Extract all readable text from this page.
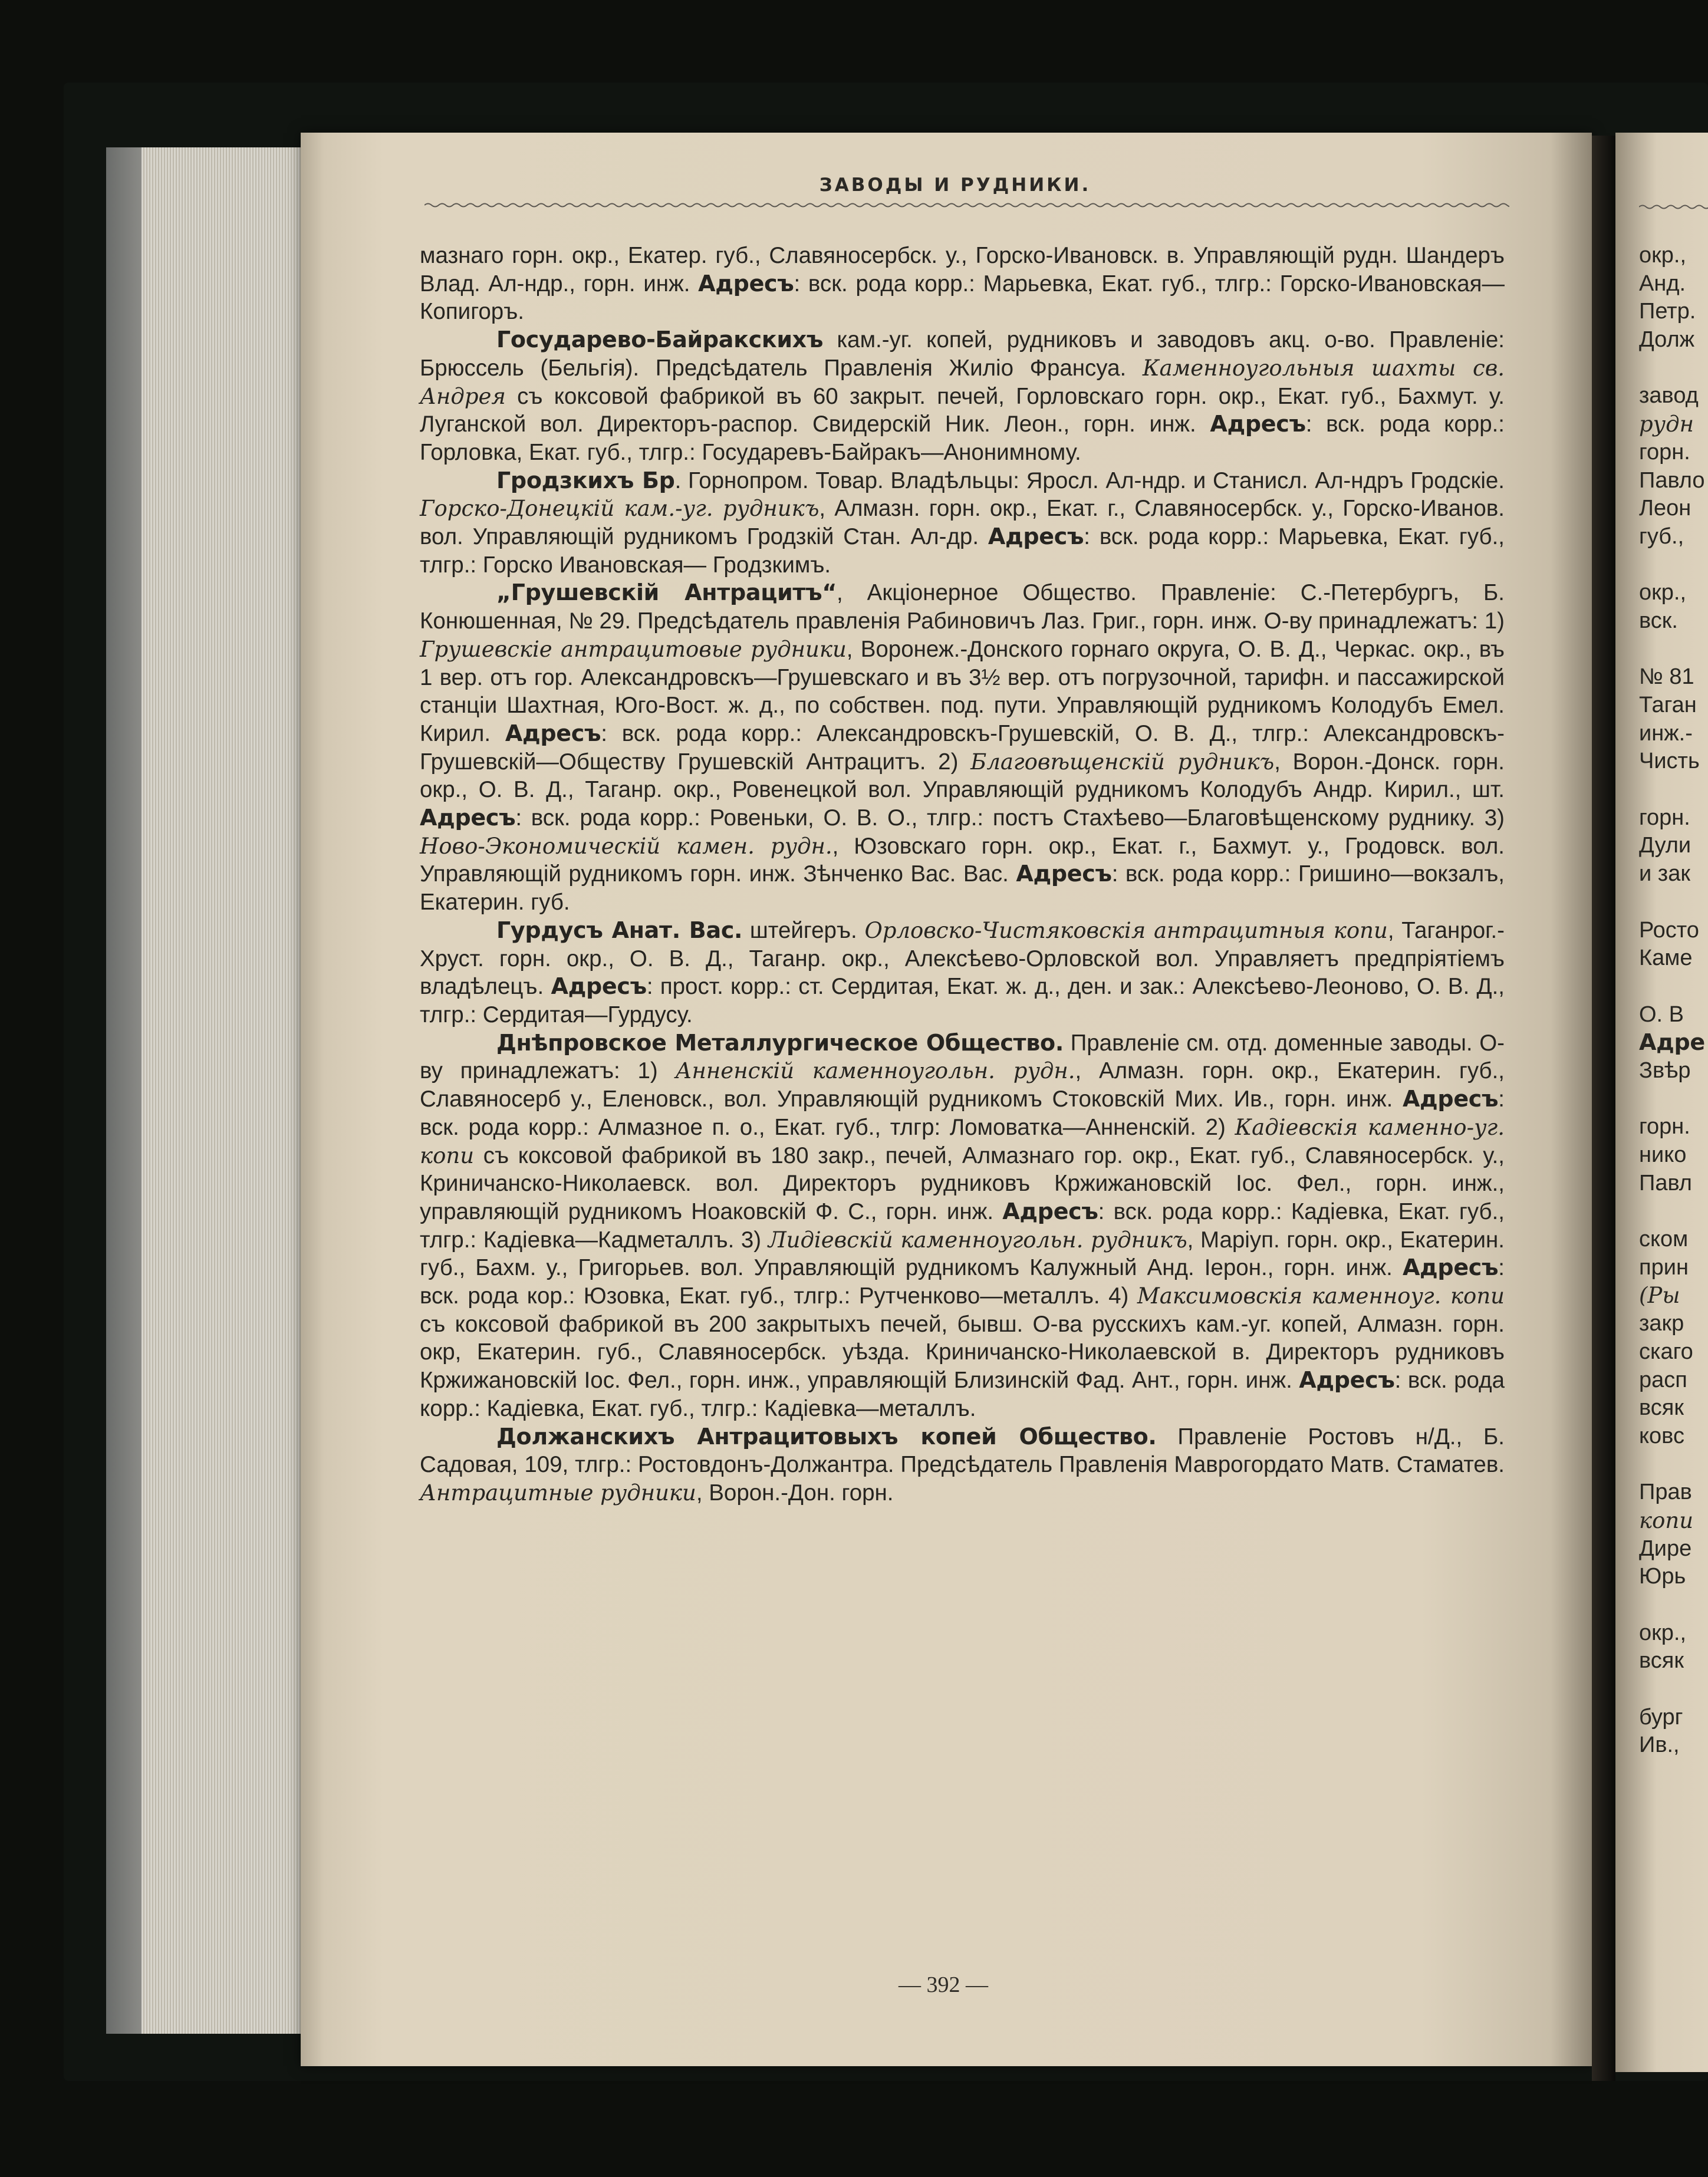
ЗАВОДЫ И РУДНИКИ.

мазнаго горн. окр., Екатер. губ., Славяносербск. у., Горско-Ивановск. в. Управляющій рудн. Шандеръ Влад. Ал-ндр., горн. инж. Адресъ: вск. рода корр.: Марьевка, Екат. губ., тлгр.: Горско-Ивановская—Копигоръ.

Государево-Байракскихъ кам.-уг. копей, рудниковъ и заводовъ акц. о-во. Правленіе: Брюссель (Бельгія). Предсѣдатель Правленія Жиліо Франсуа. Каменноугольныя шахты св. Андрея съ коксовой фабрикой въ 60 закрыт. печей, Горловскаго горн. окр., Екат. губ., Бахмут. у. Луганской вол. Директоръ-распор. Свидерскій Ник. Леон., горн. инж. Адресъ: вск. рода корр.: Горловка, Екат. губ., тлгр.: Государевъ-Байракъ—Анонимному.

Гродзкихъ Бр. Горнопром. Товар. Владѣльцы: Яросл. Ал-ндр. и Станисл. Ал-ндръ Гродскіе. Горско-Донецкій кам.-уг. рудникъ, Алмазн. горн. окр., Екат. г., Славяносербск. у., Горско-Иванов. вол. Управляющій рудникомъ Гродзкій Стан. Ал-др. Адресъ: вск. рода корр.: Марьевка, Екат. губ., тлгр.: Горско Ивановская— Гродзкимъ.

„Грушевскій Антрацитъ“, Акціонерное Общество. Правленіе: С.-Петербургъ, Б. Конюшенная, № 29. Предсѣдатель правленія Рабиновичъ Лаз. Григ., горн. инж. О-ву принадлежатъ: 1) Грушевскіе антрацитовые рудники, Воронеж.-Донского горнаго округа, О. В. Д., Черкас. окр., въ 1 вер. отъ гор. Александровскъ—Грушевскаго и въ 3½ вер. отъ погрузочной, тарифн. и пассажирской станціи Шахтная, Юго-Вост. ж. д., по собствен. под. пути. Управляющій рудникомъ Колодубъ Емел. Кирил. Адресъ: вск. рода корр.: Александровскъ-Грушевскій, О. В. Д., тлгр.: Александровскъ-Грушевскій—Обществу Грушевскій Антрацитъ. 2) Благовѣщенскій рудникъ, Ворон.-Донск. горн. окр., О. В. Д., Таганр. окр., Ровенецкой вол. Управляющій рудникомъ Колодубъ Андр. Кирил., шт. Адресъ: вск. рода корр.: Ровеньки, О. В. О., тлгр.: постъ Стахѣево—Благовѣщенскому руднику. 3) Ново-Экономическій камен. рудн., Юзовскаго горн. окр., Екат. г., Бахмут. у., Гродовск. вол. Управляющій рудникомъ горн. инж. Зѣнченко Вас. Вас. Адресъ: вск. рода корр.: Гришино—вокзалъ, Екатерин. губ.

Гурдусъ Анат. Вас. штейгеръ. Орловско-Чистяковскія антрацитныя копи, Таганрог.-Хруст. горн. окр., О. В. Д., Таганр. окр., Алексѣево-Орловской вол. Управляетъ предпріятіемъ владѣлецъ. Адресъ: прост. корр.: ст. Сердитая, Екат. ж. д., ден. и зак.: Алексѣево-Леоново, О. В. Д., тлгр.: Сердитая—Гурдусу.

Днѣпровское Металлургическое Общество. Правленіе см. отд. доменные заводы. О-ву принадлежатъ: 1) Анненскій каменноугольн. рудн., Алмазн. горн. окр., Екатерин. губ., Славяносерб у., Еленовск., вол. Управляющій рудникомъ Стоковскій Мих. Ив., горн. инж. Адресъ: вск. рода корр.: Алмазное п. о., Екат. губ., тлгр: Ломоватка—Анненскій. 2) Кадіевскія каменно-уг. копи съ коксовой фабрикой въ 180 закр., печей, Алмазнаго гор. окр., Екат. губ., Славяносербск. у., Криничанско-Николаевск. вол. Директоръ рудниковъ Кржижановскій Іос. Фел., горн. инж., управляющій рудникомъ Ноаковскій Ф. С., горн. инж. Адресъ: вск. рода корр.: Кадіевка, Екат. губ., тлгр.: Кадіевка—Кадметаллъ. 3) Лидіевскій каменноугольн. рудникъ, Маріуп. горн. окр., Екатерин. губ., Бахм. у., Григорьев. вол. Управляющій рудникомъ Калужный Анд. Іерон., горн. инж. Адресъ: вск. рода кор.: Юзовка, Екат. губ., тлгр.: Рутченково—металлъ. 4) Максимовскія каменноуг. копи съ коксовой фабрикой въ 200 закрытыхъ печей, бывш. О-ва русскихъ кам.-уг. копей, Алмазн. горн. окр, Екатерин. губ., Славяносербск. уѣзда. Криничанско-Николаевской в. Директоръ рудниковъ Кржижановскій Іос. Фел., горн. инж., управляющій Близинскій Фад. Ант., горн. инж. Адресъ: вск. рода корр.: Кадіевка, Екат. губ., тлгр.: Кадіевка—металлъ.

Должанскихъ Антрацитовыхъ копей Общество. Правленіе Ростовъ н/Д., Б. Садовая, 109, тлгр.: Ростовдонъ-Должантра. Предсѣдатель Правленія Маврогордато Матв. Стаматев. Антрацитные рудники, Ворон.-Дон. горн.

— 392 —
окр.,
Анд.
Петр.
Долж
завод
рудн
горн.
Павло
Леон
губ.,
окр.,
вск.
№ 81
Таган
инж.-
Чисть
горн.
Дули
и зак
Росто
Каме
О. В
Адре
Звѣр
горн.
нико
Павл
ском
прин
(Ры
закр
скаго
расп
всяк
ковс
Прав
копи
Дире
Юрь
окр.,
всяк
бург
Ив.,
